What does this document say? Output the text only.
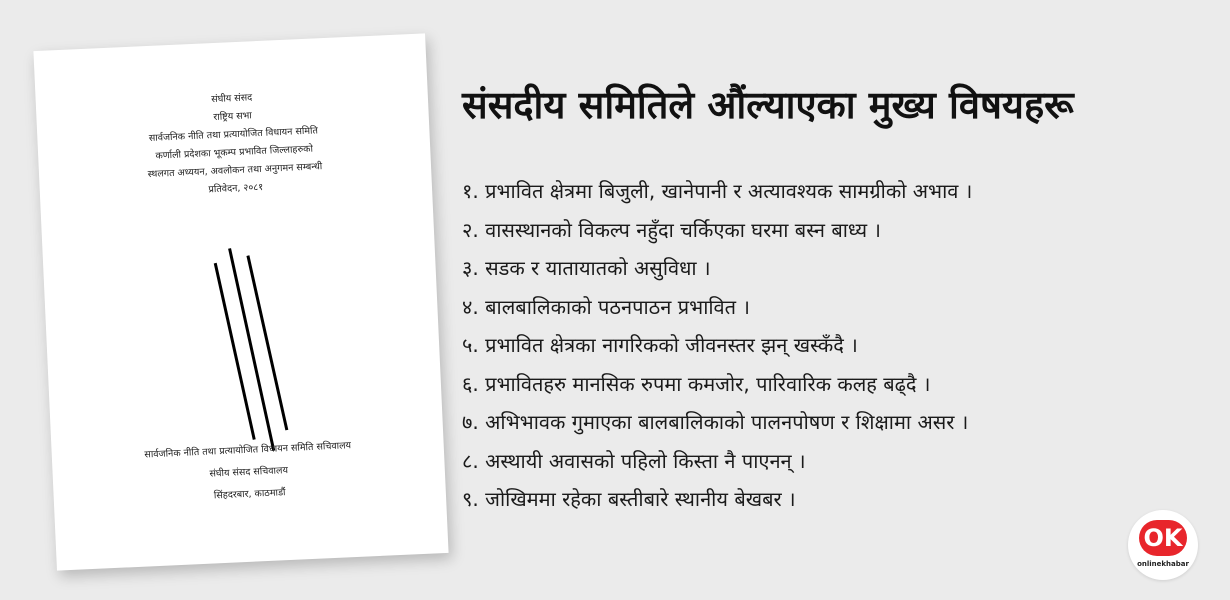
संघीय संसद
राष्ट्रिय सभा
सार्वजनिक नीति तथा प्रत्यायोजित विधायन समिति
कर्णाली प्रदेशका भूकम्प प्रभावित जिल्लाहरुको
स्थलगत अध्ययन, अवलोकन तथा अनुगमन सम्बन्धी
प्रतिवेदन, २०८१
सार्वजनिक नीति तथा प्रत्यायोजित विधायन समिति सचिवालय
संघीय संसद सचिवालय
सिंहदरबार, काठमाडौं
संसदीय समितिले औंल्याएका मुख्य विषयहरू
१. प्रभावित क्षेत्रमा बिजुली, खानेपानी र अत्यावश्यक सामग्रीको अभाव ।
२. वासस्थानको विकल्प नहुँदा चर्किएका घरमा बस्न बाध्य ।
३. सडक र यातायातको असुविधा ।
४. बालबालिकाको पठनपाठन प्रभावित ।
५. प्रभावित क्षेत्रका नागरिकको जीवनस्तर झन् खस्कँदै ।
६. प्रभावितहरु मानसिक रुपमा कमजोर, पारिवारिक कलह बढ्दै ।
७. अभिभावक गुमाएका बालबालिकाको पालनपोषण र शिक्षामा असर ।
८. अस्थायी अवासको पहिलो किस्ता नै पाएनन् ।
९. जोखिममा रहेका बस्तीबारे स्थानीय बेखबर ।
OK
onlinekhabar
